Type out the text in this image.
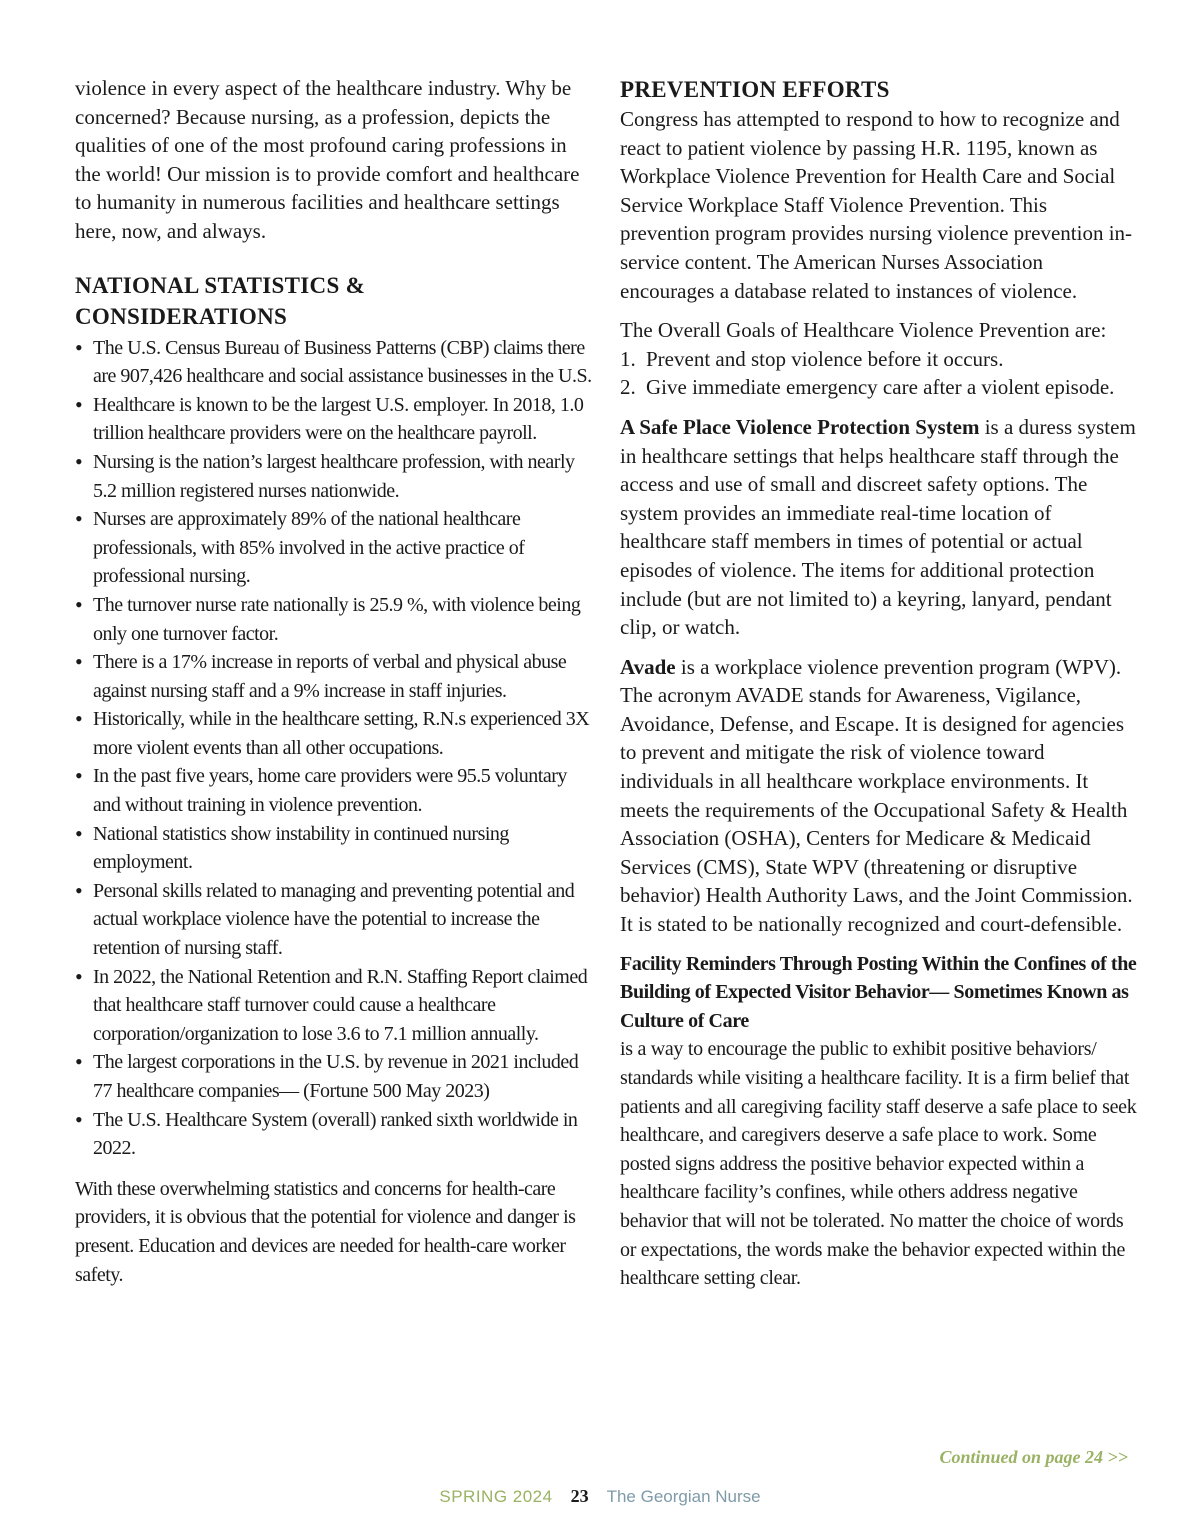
violence in every aspect of the healthcare industry. Why be concerned? Because nursing, as a profession, depicts the qualities of one of the most profound caring professions in the world! Our mission is to provide comfort and healthcare to humanity in numerous facilities and healthcare settings here, now, and always.

NATIONAL STATISTICS &
CONSIDERATIONS
• The U.S. Census Bureau of Business Patterns (CBP) claims there are 907,426 healthcare and social assistance businesses in the U.S.
• Healthcare is known to be the largest U.S. employer. In 2018, 1.0 trillion healthcare providers were on the healthcare payroll.
• Nursing is the nation’s largest healthcare profession, with nearly 5.2 million registered nurses nationwide.
• Nurses are approximately 89% of the national healthcare professionals, with 85% involved in the active practice of professional nursing.
• The turnover nurse rate nationally is 25.9 %, with violence being only one turnover factor.
• There is a 17% increase in reports of verbal and physical abuse against nursing staff and a 9% increase in staff injuries.
• Historically, while in the healthcare setting, R.N.s experienced 3X more violent events than all other occupations.
• In the past five years, home care providers were 95.5 voluntary and without training in violence prevention.
• National statistics show instability in continued nursing employment.
• Personal skills related to managing and preventing potential and actual workplace violence have the potential to increase the retention of nursing staff.
• In 2022, the National Retention and R.N. Staffing Report claimed that healthcare staff turnover could cause a healthcare corporation/organization to lose 3.6 to 7.1 million annually.
• The largest corporations in the U.S. by revenue in 2021 included 77 healthcare companies— (Fortune 500 May 2023)
• The U.S. Healthcare System (overall) ranked sixth worldwide in 2022.

With these overwhelming statistics and concerns for health-care providers, it is obvious that the potential for violence and danger is present. Education and devices are needed for health-care worker safety.

PREVENTION EFFORTS

Congress has attempted to respond to how to recognize and react to patient violence by passing H.R. 1195, known as Workplace Violence Prevention for Health Care and Social Service Workplace Staff Violence Prevention. This prevention program provides nursing violence prevention in-service content. The American Nurses Association encourages a database related to instances of violence.

The Overall Goals of Healthcare Violence Prevention are:

1. Prevent and stop violence before it occurs.
2. Give immediate emergency care after a violent episode.

A Safe Place Violence Protection System is a duress system in healthcare settings that helps healthcare staff through the access and use of small and discreet safety options. The system provides an immediate real-time location of healthcare staff members in times of potential or actual episodes of violence. The items for additional protection include (but are not limited to) a keyring, lanyard, pendant clip, or watch.

Avade is a workplace violence prevention program (WPV). The acronym AVADE stands for Awareness, Vigilance, Avoidance, Defense, and Escape. It is designed for agencies to prevent and mitigate the risk of violence toward individuals in all healthcare workplace environments. It meets the requirements of the Occupational Safety & Health Association (OSHA), Centers for Medicare & Medicaid Services (CMS), State WPV (threatening or disruptive behavior) Health Authority Laws, and the Joint Commission. It is stated to be nationally recognized and court-defensible.

Facility Reminders Through Posting Within the Confines of the Building of Expected Visitor Behavior— Sometimes Known as Culture of Care

is a way to encourage the public to exhibit positive behaviors/ standards while visiting a healthcare facility. It is a firm belief that patients and all caregiving facility staff deserve a safe place to seek healthcare, and caregivers deserve a safe place to work. Some posted signs address the positive behavior expected within a healthcare facility’s confines, while others address negative behavior that will not be tolerated. No matter the choice of words or expectations, the words make the behavior expected within the healthcare setting clear.

Continued on page 24 >>
SPRING 2024 23 The Georgian Nurse
